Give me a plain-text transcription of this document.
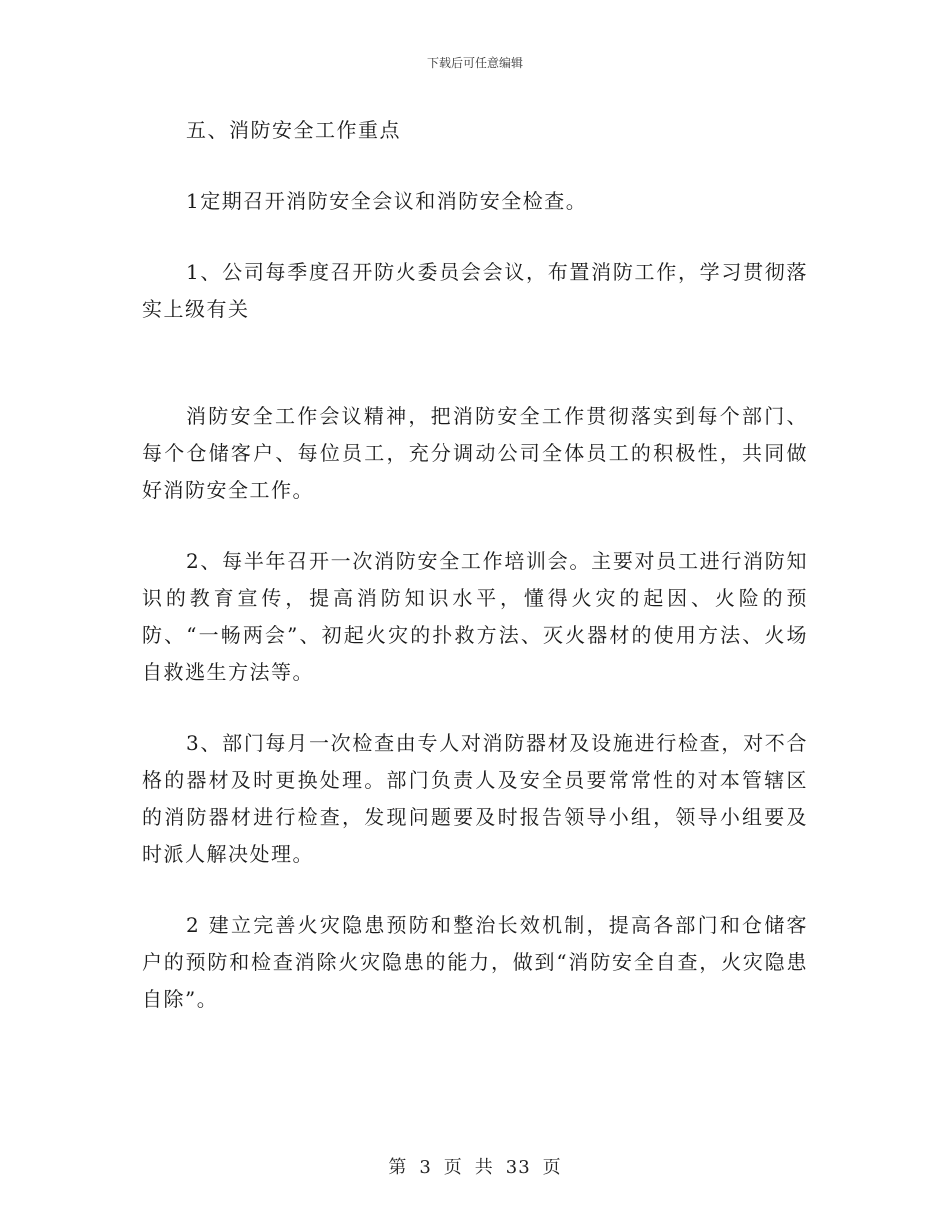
下载后可任意编辑

五、消防安全工作重点

1定期召开消防安全会议和消防安全检查。

1、公司每季度召开防火委员会会议，布置消防工作，学习贯彻落实上级有关

消防安全工作会议精神，把消防安全工作贯彻落实到每个部门、每个仓储客户、每位员工，充分调动公司全体员工的积极性，共同做好消防安全工作。

2、每半年召开一次消防安全工作培训会。主要对员工进行消防知识的教育宣传，提高消防知识水平，懂得火灾的起因、火险的预防、“一畅两会”、初起火灾的扑救方法、灭火器材的使用方法、火场自救逃生方法等。

3、部门每月一次检查由专人对消防器材及设施进行检查，对不合格的器材及时更换处理。部门负责人及安全员要常常性的对本管辖区的消防器材进行检查，发现问题要及时报告领导小组，领导小组要及时派人解决处理。

2 建立完善火灾隐患预防和整治长效机制，提高各部门和仓储客户的预防和检查消除火灾隐患的能力，做到“消防安全自查，火灾隐患自除”。

第 3 页 共 33 页
